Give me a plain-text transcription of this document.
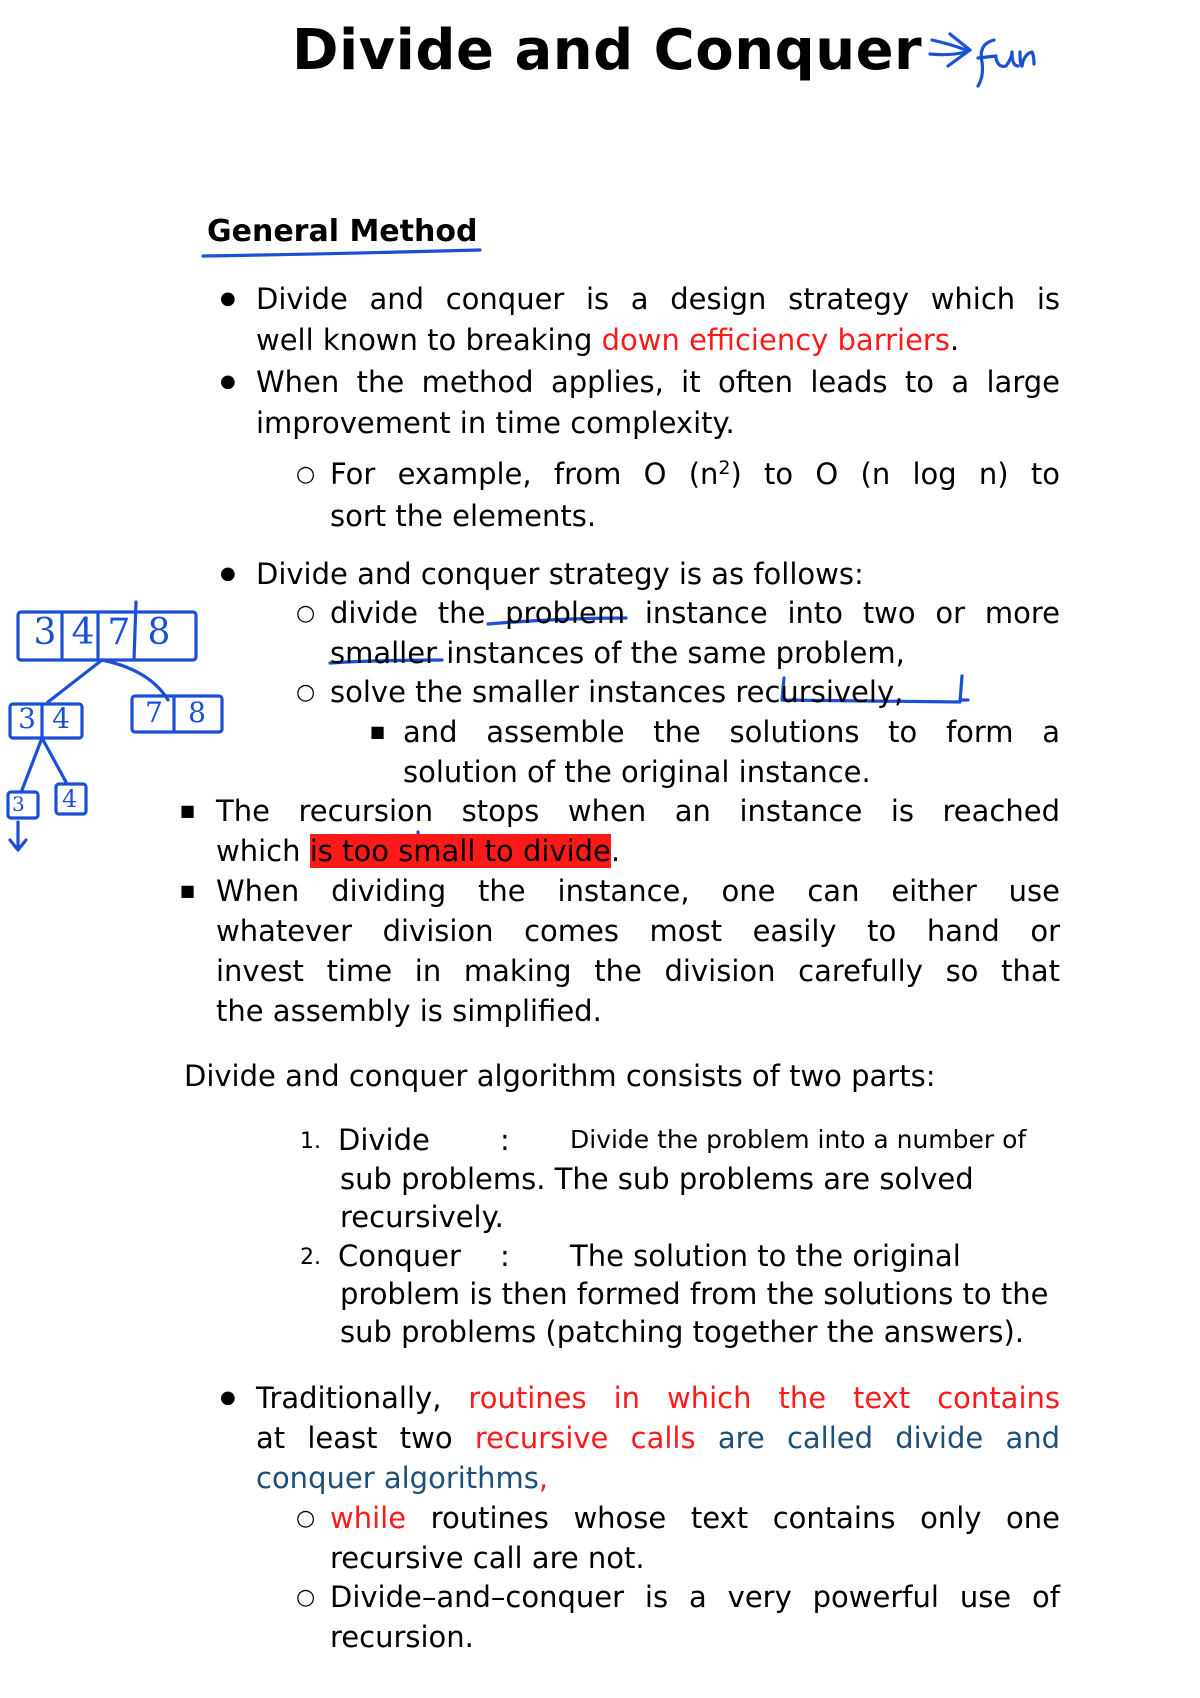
Divide and Conquer
3 4 7 8
3 4	7 8
3 4
General Method
● Divide and conquer is a design strategy which is
well known to breaking down efficiency barriers.
● When the method applies, it often leads to a large
improvement in time complexity.
○ For example, from O $(n^2)$ to O (n log n) to
sort the elements.
● Divide and conquer strategy is as follows:
○ divide the problem instance into two or more
smaller instances of the same problem,
○ solve the smaller instances recursively,
■ and assemble the solutions to form a
solution of the original instance.
■ The recursion stops when an instance is reached
which is too small to divide.
■ When dividing the instance, one can either use
whatever division comes most easily to hand or
invest time in making the division carefully so that
the assembly is simplified.
Divide and conquer algorithm consists of two parts:
1. Divide : Divide the problem into a number of
sub problems. The sub problems are solved
recursively.
2. Conquer : The solution to the original
problem is then formed from the solutions to the
sub problems (patching together the answers).
● Traditionally, routines in which the text contains
at least two recursive calls are called divide and
conquer algorithms,
○ while routines whose text contains only one
recursive call are not.
○ Divide–and–conquer is a very powerful use of
recursion.
